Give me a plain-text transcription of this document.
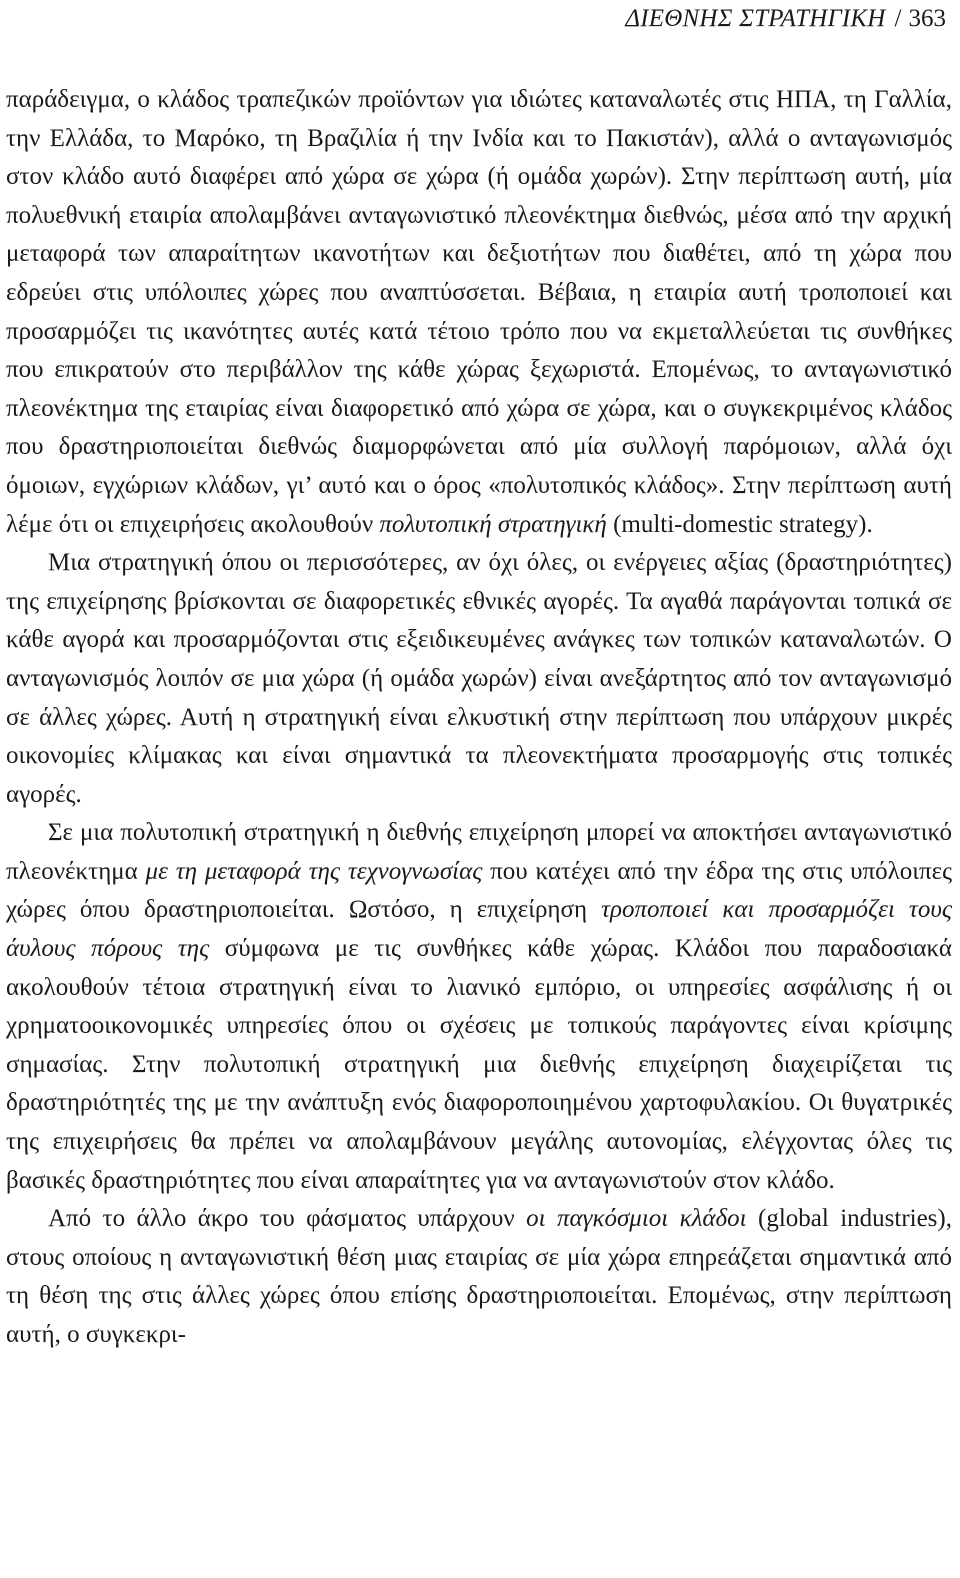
ΔΙΕΘΝΗΣ ΣΤΡΑΤΗΓΙΚΗ / 363

παράδειγμα, ο κλάδος τραπεζικών προϊόντων για ιδιώτες καταναλωτές στις ΗΠΑ, τη Γαλλία, την Ελλάδα, το Μαρόκο, τη Βραζιλία ή την Ινδία και το Πακιστάν), αλλά ο ανταγωνισμός στον κλάδο αυτό διαφέρει από χώρα σε χώρα (ή ομάδα χωρών). Στην περίπτωση αυτή, μία πολυεθνική εταιρία απολαμβάνει ανταγωνιστικό πλεονέκτημα διεθνώς, μέσα από την αρχική μεταφορά των απαραίτητων ικανοτήτων και δεξιοτήτων που διαθέτει, από τη χώρα που εδρεύει στις υπόλοιπες χώρες που αναπτύσσεται. Βέβαια, η εταιρία αυτή τροποποιεί και προσαρμόζει τις ικανότητες αυτές κατά τέτοιο τρόπο που να εκμεταλλεύεται τις συνθήκες που επικρατούν στο περιβάλλον της κάθε χώρας ξεχωριστά. Επομένως, το ανταγωνιστικό πλεονέκτημα της εταιρίας είναι διαφορετικό από χώρα σε χώρα, και ο συγκεκριμένος κλάδος που δραστηριοποιείται διεθνώς διαμορφώνεται από μία συλλογή παρόμοιων, αλλά όχι όμοιων, εγχώριων κλάδων, γι’ αυτό και ο όρος «πολυτοπικός κλάδος». Στην περίπτωση αυτή λέμε ότι οι επιχειρήσεις ακολουθούν πολυτοπική στρατηγική (multi-domestic strategy).

Μια στρατηγική όπου οι περισσότερες, αν όχι όλες, οι ενέργειες αξίας (δραστηριότητες) της επιχείρησης βρίσκονται σε διαφορετικές εθνικές αγορές. Τα αγαθά παράγονται τοπικά σε κάθε αγορά και προσαρμόζονται στις εξειδικευμένες ανάγκες των τοπικών καταναλωτών. Ο ανταγωνισμός λοιπόν σε μια χώρα (ή ομάδα χωρών) είναι ανεξάρτητος από τον ανταγωνισμό σε άλλες χώρες. Αυτή η στρατηγική είναι ελκυστική στην περίπτωση που υπάρχουν μικρές οικονομίες κλίμακας και είναι σημαντικά τα πλεονεκτήματα προσαρμογής στις τοπικές αγορές.

Σε μια πολυτοπική στρατηγική η διεθνής επιχείρηση μπορεί να αποκτήσει ανταγωνιστικό πλεονέκτημα με τη μεταφορά της τεχνογνωσίας που κατέχει από την έδρα της στις υπόλοιπες χώρες όπου δραστηριοποιείται. Ωστόσο, η επιχείρηση τροποποιεί και προσαρμόζει τους άυλους πόρους της σύμφωνα με τις συνθήκες κάθε χώρας. Κλάδοι που παραδοσιακά ακολουθούν τέτοια στρατηγική είναι το λιανικό εμπόριο, οι υπηρεσίες ασφάλισης ή οι χρηματοοικονομικές υπηρεσίες όπου οι σχέσεις με τοπικούς παράγοντες είναι κρίσιμης σημασίας. Στην πολυτοπική στρατηγική μια διεθνής επιχείρηση διαχειρίζεται τις δραστηριότητές της με την ανάπτυξη ενός διαφοροποιημένου χαρτοφυλακίου. Οι θυγατρικές της επιχειρήσεις θα πρέπει να απολαμβάνουν μεγάλης αυτονομίας, ελέγχοντας όλες τις βασικές δραστηριότητες που είναι απαραίτητες για να ανταγωνιστούν στον κλάδο.

Από το άλλο άκρο του φάσματος υπάρχουν οι παγκόσμιοι κλάδοι (global industries), στους οποίους η ανταγωνιστική θέση μιας εταιρίας σε μία χώρα επηρεάζεται σημαντικά από τη θέση της στις άλλες χώρες όπου επίσης δραστηριοποιείται. Επομένως, στην περίπτωση αυτή, ο συγκεκρι-
